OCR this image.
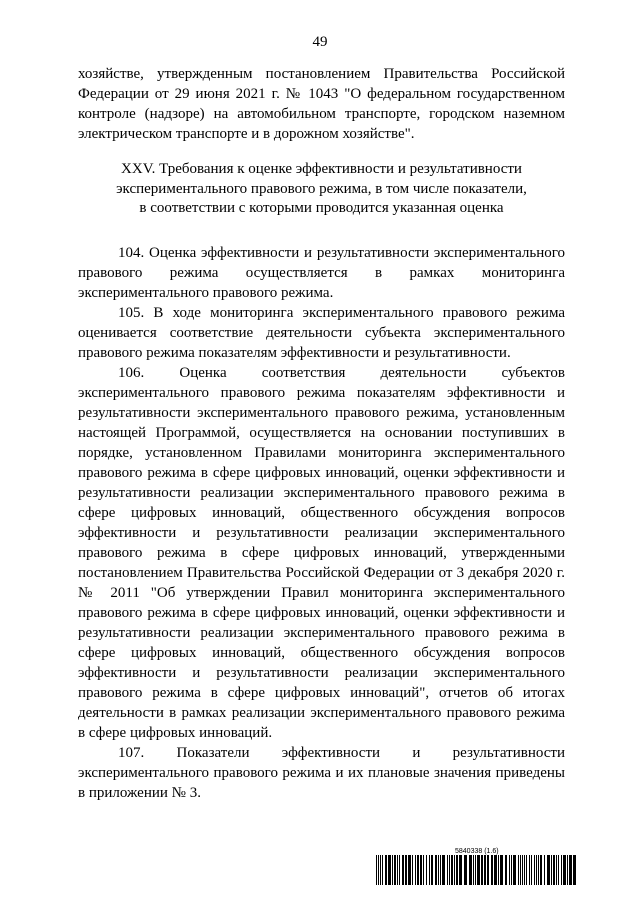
49

хозяйстве, утвержденным постановлением Правительства Российской Федерации от 29 июня 2021 г. № 1043 "О федеральном государственном контроле (надзоре) на автомобильном транспорте, городском наземном электрическом транспорте и в дорожном хозяйстве".

XXV. Требования к оценке эффективности и результативности
экспериментального правового режима, в том числе показатели,
в соответствии с которыми проводится указанная оценка

104. Оценка эффективности и результативности экспериментального правового режима осуществляется в рамках мониторинга экспериментального правового режима.

105. В ходе мониторинга экспериментального правового режима оценивается соответствие деятельности субъекта экспериментального правового режима показателям эффективности и результативности.

106. Оценка соответствия деятельности субъектов экспериментального правового режима показателям эффективности и результативности экспериментального правового режима, установленным настоящей Программой, осуществляется на основании поступивших в порядке, установленном Правилами мониторинга экспериментального правового режима в сфере цифровых инноваций, оценки эффективности и результативности реализации экспериментального правового режима в сфере цифровых инноваций, общественного обсуждения вопросов эффективности и результативности реализации экспериментального правового режима в сфере цифровых инноваций, утвержденными постановлением Правительства Российской Федерации от 3 декабря 2020 г. № 2011 "Об утверждении Правил мониторинга экспериментального правового режима в сфере цифровых инноваций, оценки эффективности и результативности реализации экспериментального правового режима в сфере цифровых инноваций, общественного обсуждения вопросов эффективности и результативности реализации экспериментального правового режима в сфере цифровых инноваций", отчетов об итогах деятельности в рамках реализации экспериментального правового режима в сфере цифровых инноваций.

107. Показатели эффективности и результативности экспериментального правового режима и их плановые значения приведены в приложении № 3.

5840338 (1.6)
